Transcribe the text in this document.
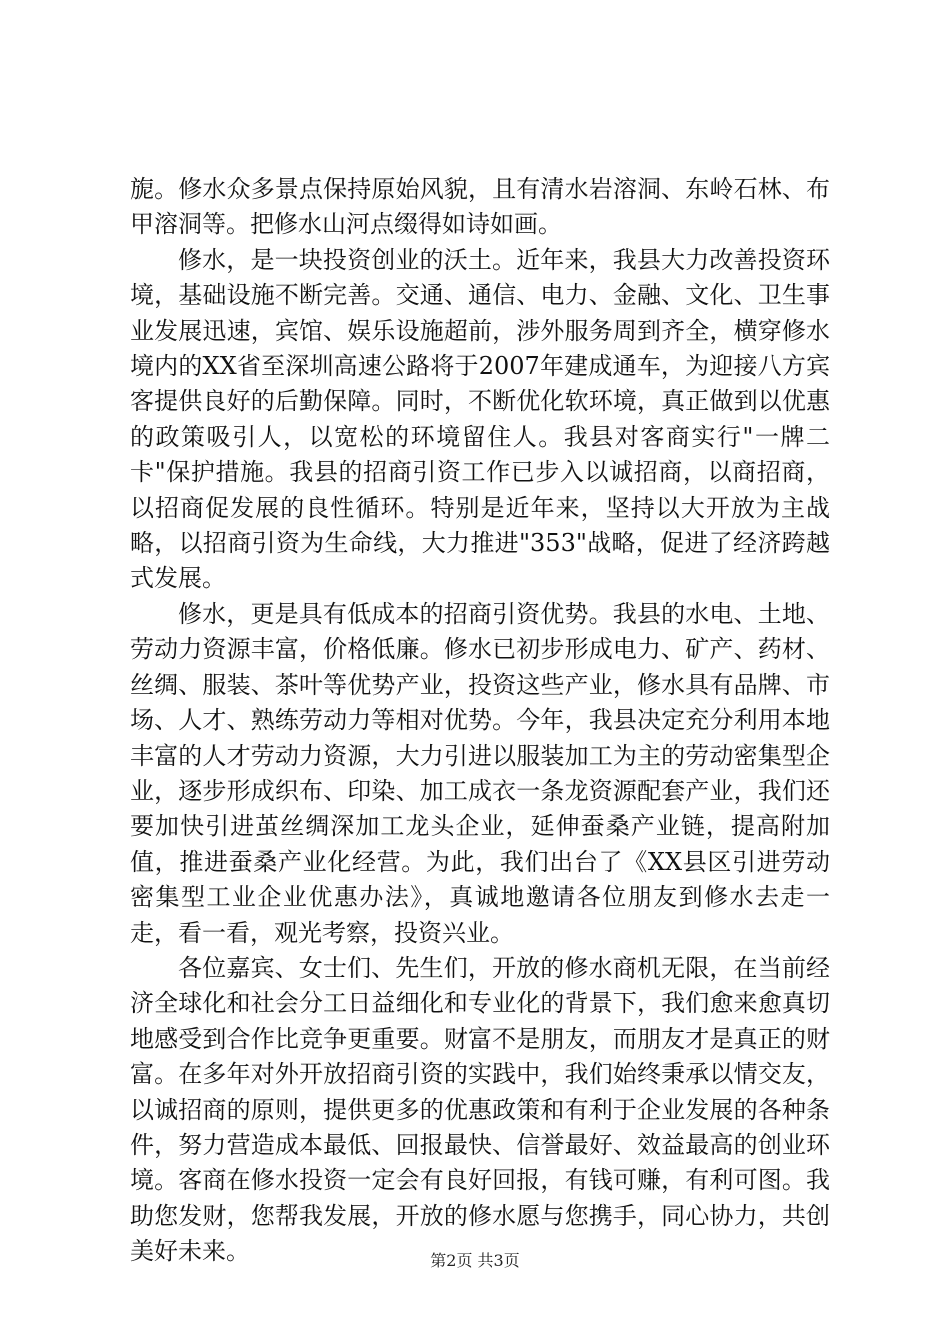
旎。修水众多景点保持原始风貌，且有清水岩溶洞、东岭石林、布甲溶洞等。把修水山河点缀得如诗如画。

修水，是一块投资创业的沃土。近年来，我县大力改善投资环境，基础设施不断完善。交通、通信、电力、金融、文化、卫生事业发展迅速，宾馆、娱乐设施超前，涉外服务周到齐全，横穿修水境内的XX省至深圳高速公路将于2007年建成通车，为迎接八方宾客提供良好的后勤保障。同时，不断优化软环境，真正做到以优惠的政策吸引人，以宽松的环境留住人。我县对客商实行"一牌二卡"保护措施。我县的招商引资工作已步入以诚招商，以商招商，以招商促发展的良性循环。特别是近年来，坚持以大开放为主战略，以招商引资为生命线，大力推进"353"战略，促进了经济跨越式发展。

修水，更是具有低成本的招商引资优势。我县的水电、土地、劳动力资源丰富，价格低廉。修水已初步形成电力、矿产、药材、丝绸、服装、茶叶等优势产业，投资这些产业，修水具有品牌、市场、人才、熟练劳动力等相对优势。今年，我县决定充分利用本地丰富的人才劳动力资源，大力引进以服装加工为主的劳动密集型企业，逐步形成织布、印染、加工成衣一条龙资源配套产业，我们还要加快引进茧丝绸深加工龙头企业，延伸蚕桑产业链，提高附加值，推进蚕桑产业化经营。为此，我们出台了《XX县区引进劳动密集型工业企业优惠办法》，真诚地邀请各位朋友到修水去走一走，看一看，观光考察，投资兴业。

各位嘉宾、女士们、先生们，开放的修水商机无限，在当前经济全球化和社会分工日益细化和专业化的背景下，我们愈来愈真切地感受到合作比竞争更重要。财富不是朋友，而朋友才是真正的财富。在多年对外开放招商引资的实践中，我们始终秉承以情交友，以诚招商的原则，提供更多的优惠政策和有利于企业发展的各种条件，努力营造成本最低、回报最快、信誉最好、效益最高的创业环境。客商在修水投资一定会有良好回报，有钱可赚，有利可图。我助您发财，您帮我发展，开放的修水愿与您携手，同心协力，共创美好未来。	第2页 共3页
